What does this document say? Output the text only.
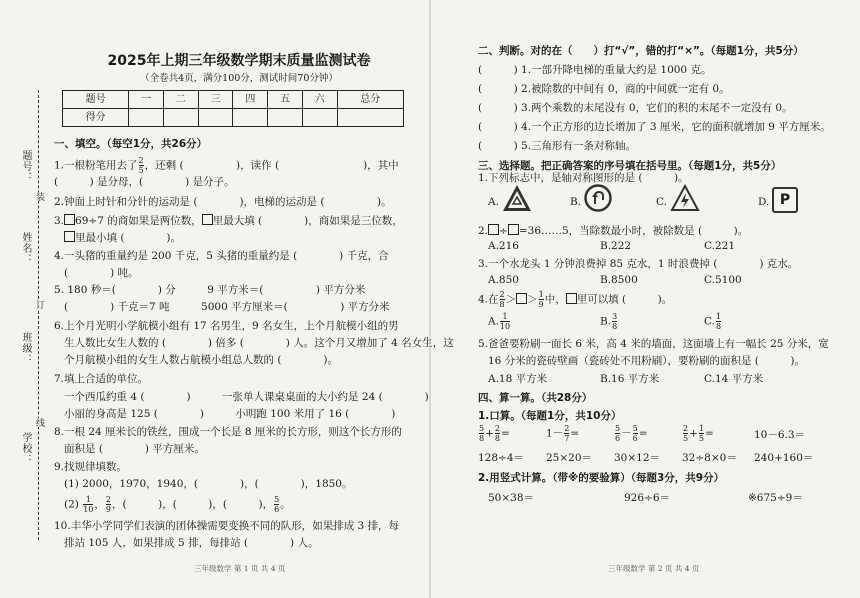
题号：
姓名：
班级：
学校：
装
订
线
2025年上期三年级数学期末质量监测试卷
（全卷共4页，满分100分，测试时间70分钟）
题号	一	二	三	四	五	六	总分
得分							
一、填空。（每空1分，共26分）
1.一根粉笔用去了 $\frac{2}{5}$ ，还剩 (　　　　　)，读作 (　　　　　　　　)，其中
(　　　) 是分母，(　　　　) 是分子。
2.钟面上时针和分针的运动是 (　　　　)，电梯的运动是 (　　　　　)。
3. 69÷7 的商如果是两位数， 里最大填 (　　　　)，商如果是三位数，
里最小填 (　　　　)。
4.一头猪的重量约是 200 千克，5 头猪的重量约是 (　　　　) 千克，合
(　　　　) 吨。
5. 180 秒＝(　　　　) 分　　　9 平方米＝(　　　　　) 平方分米
(　　　　) 千克＝7 吨　　　5000 平方厘米＝(　　　　　) 平方分米
6.上个月光明小学航模小组有 17 名男生，9 名女生，上个月航模小组的男
生人数比女生人数的 (　　　　) 倍多 (　　　　) 人。这个月又增加了 4 名女生，这
个月航模小组的女生人数占航模小组总人数的 (　　　　)。
7.填上合适的单位。
一个西瓜约重 4 (　　　　)　　　一张单人课桌桌面的大小约是 24 (　　　　)
小丽的身高是 125 (　　　　)　　　小明跑 100 米用了 16 (　　　　)
8.一根 24 厘米长的铁丝，围成一个长是 8 厘米的长方形，则这个长方形的
面积是 (　　　　) 平方厘米。
9.找规律填数。
(1) 2000，1970，1940，(　　　　)，(　　　　)，1850。
$(2) \frac{1}{10}$ ， $\frac{2}{9}$ ，(　　　)，(　　　)，(　　　)， $\frac{5}{6}$ 。
10.丰华小学同学们表演的团体操需要变换不同的队形，如果排成 3 排，每
排站 105 人，如果排成 5 排，每排站 (　　　　) 人。
三年级数学 第 1 页 共 4 页
二、判断。对的在（　　）打“√”，错的打“×”。（每题1分，共5分）
(　　　) 1.一部升降电梯的重量大约是 1000 克。
(　　　) 2.被除数的中间有 0，商的中间就一定有 0。
(　　　) 3.两个乘数的末尾没有 0，它们的积的末尾不一定没有 0。
(　　　) 4.一个正方形的边长增加了 3 厘米，它的面积就增加 9 平方厘米。
(　　　) 5.三角形有一条对称轴。
三、选择题。把正确答案的序号填在括号里。（每题1分，共5分）
1.下列标志中，是轴对称图形的是 (　　　)。
A.	B.	C.	D. P
2. ÷ =36……5，当除数最小时，被除数是 (　　　)。
A.216	B.222	C.221
3.一个水龙头 1 分钟浪费掉 85 克水，1 时浪费掉 (　　　　) 克水。
A.850	B.8500	C.5100
4.在 $\frac{2}{8}$ ＞ ＞ $\frac{1}{9}$ 中， 里可以填 (　　　)。
A. $\frac{1}{10}$	B. $\frac{3}{8}$	C. $\frac{1}{8}$
5.爸爸要粉刷一面长 6 米，高 4 米的墙面，这面墙上有一幅长 25 分米，宽
16 分米的瓷砖壁画（瓷砖处不用粉刷），要粉刷的面积是 (　　　)。
A.18 平方米	B.16 平方米	C.14 平方米
四、算一算。（共28分）
1.口算。（每题1分，共10分）
$\frac{5}{8} + \frac{2}{8}$ =	$1- \frac{2}{7}$ =	$\frac{5}{6} - \frac{5}{6}$ =	$\frac{2}{5} + \frac{1}{5}$ =	10－6.3＝
128÷4＝ 25×20＝ 30×12＝ 32÷8×0＝ 240+160＝
2.用竖式计算。（带※的要验算）（每题3分，共9分）
50×38＝	926÷6＝	※675÷9＝
三年级数学 第 2 页 共 4 页
